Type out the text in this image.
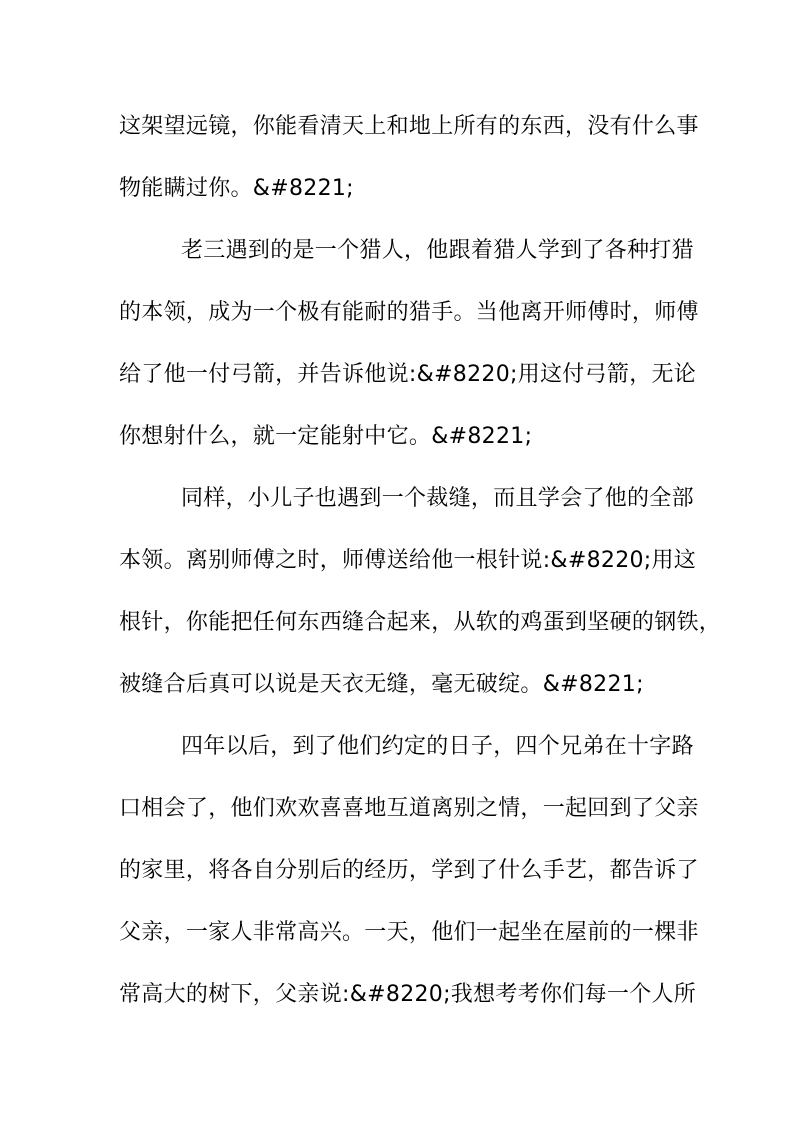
这架望远镜，你能看清天上和地上所有的东西，没有什么事
物能瞒过你。&#8221;
老三遇到的是一个猎人，他跟着猎人学到了各种打猎
的本领，成为一个极有能耐的猎手。当他离开师傅时，师傅
给了他一付弓箭，并告诉他说:&#8220;用这付弓箭，无论
你想射什么，就一定能射中它。&#8221;
同样，小儿子也遇到一个裁缝，而且学会了他的全部
本领。离别师傅之时，师傅送给他一根针说:&#8220;用这
根针，你能把任何东西缝合起来，从软的鸡蛋到坚硬的钢铁，
被缝合后真可以说是天衣无缝，毫无破绽。&#8221;
四年以后，到了他们约定的日子，四个兄弟在十字路
口相会了，他们欢欢喜喜地互道离别之情，一起回到了父亲
的家里，将各自分别后的经历，学到了什么手艺，都告诉了
父亲，一家人非常高兴。一天，他们一起坐在屋前的一棵非
常高大的树下，父亲说:&#8220;我想考考你们每一个人所
